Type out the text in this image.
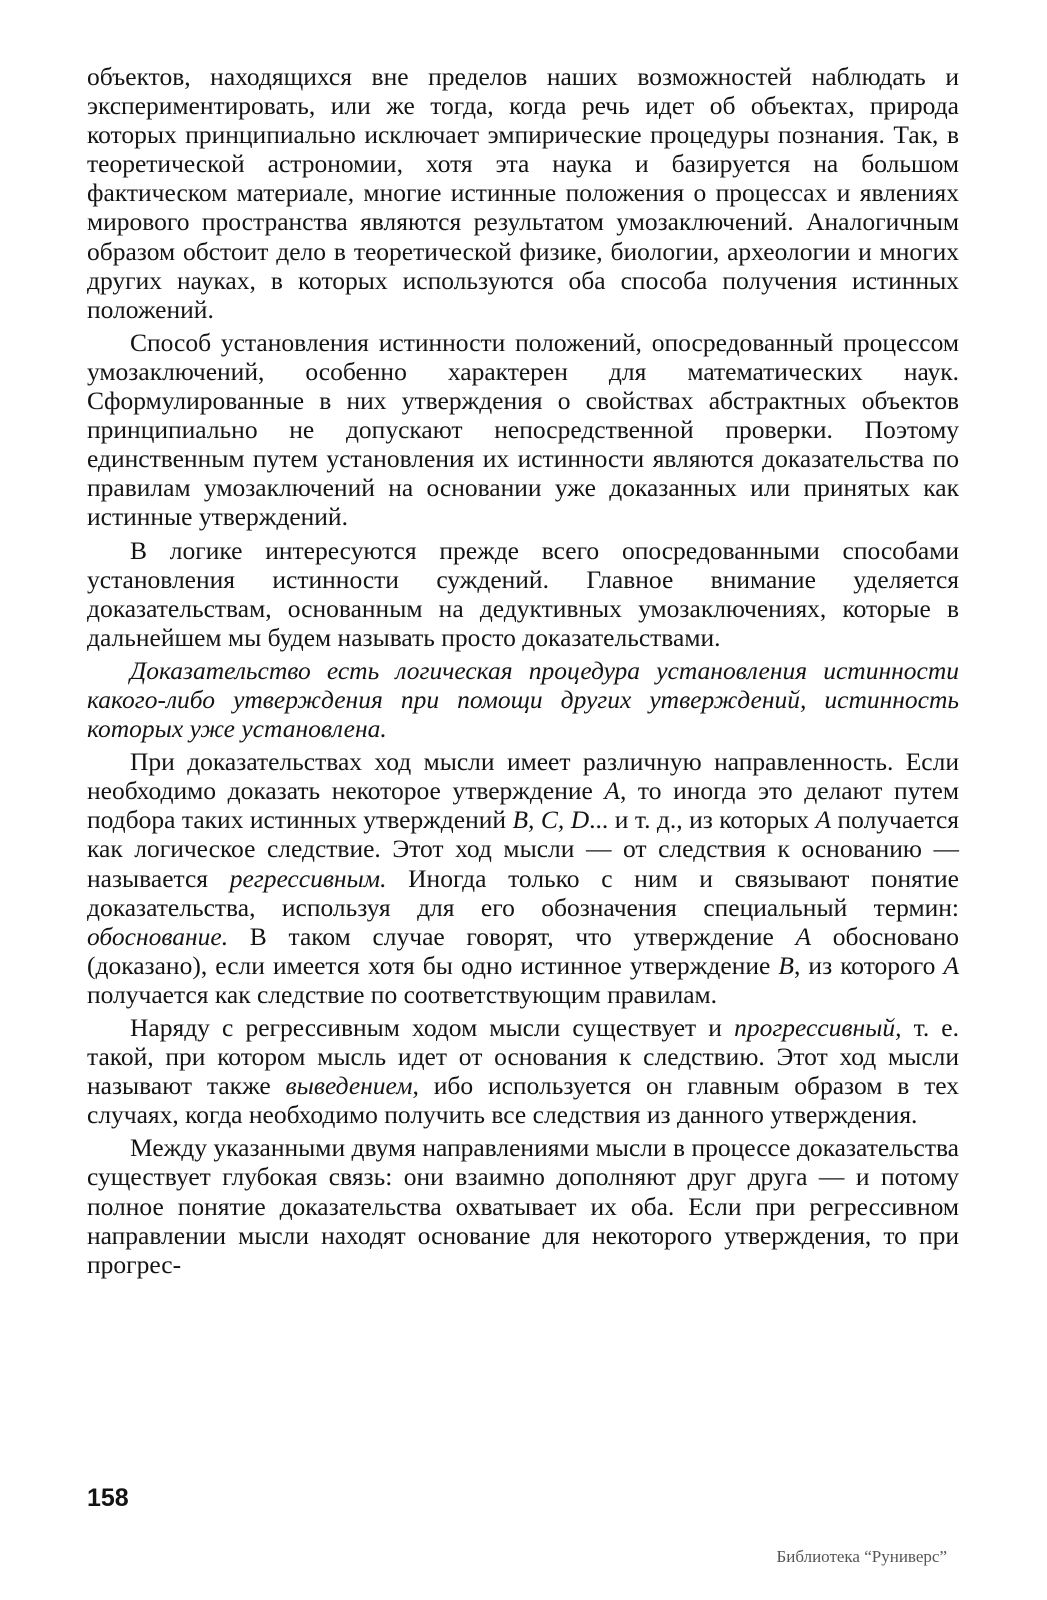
объектов, находящихся вне пределов наших возможностей наблюдать и экспериментировать, или же тогда, когда речь идет об объектах, природа которых принципиально исключает эмпирические процедуры познания. Так, в теоретической астрономии, хотя эта наука и базируется на большом фактическом материале, многие истинные положения о процессах и явлениях мирового пространства являются результатом умозаключений. Аналогичным образом обстоит дело в теоретической физике, биологии, археологии и многих других науках, в которых используются оба способа получения истинных положений.

Способ установления истинности положений, опосредованный процессом умозаключений, особенно характерен для математических наук. Сформулированные в них утверждения о свойствах абстрактных объектов принципиально не допускают непосредственной проверки. Поэтому единственным путем установления их истинности являются доказательства по правилам умозаключений на основании уже доказанных или принятых как истинные утверждений.

В логике интересуются прежде всего опосредованными способами установления истинности суждений. Главное внимание уделяется доказательствам, основанным на дедуктивных умозаключениях, которые в дальнейшем мы будем называть просто доказательствами.

Доказательство есть логическая процедура установления истинности какого-либо утверждения при помощи других утверждений, истинность которых уже установлена.

При доказательствах ход мысли имеет различную направленность. Если необходимо доказать некоторое утверждение А, то иногда это делают путем подбора таких истинных утверждений В, С, D... и т. д., из которых А получается как логическое следствие. Этот ход мысли — от следствия к основанию — называется регрессивным. Иногда только с ним и связывают понятие доказательства, используя для его обозначения специальный термин: обоснование. В таком случае говорят, что утверждение А обосновано (доказано), если имеется хотя бы одно истинное утверждение В, из которого А получается как следствие по соответствующим правилам.

Наряду с регрессивным ходом мысли существует и прогрессивный, т. е. такой, при котором мысль идет от основания к следствию. Этот ход мысли называют также выведением, ибо используется он главным образом в тех случаях, когда необходимо получить все следствия из данного утверждения.

Между указанными двумя направлениями мысли в процессе доказательства существует глубокая связь: они взаимно дополняют друг друга — и потому полное понятие доказательства охватывает их оба. Если при регрессивном направлении мысли находят основание для некоторого утверждения, то при прогрес-

158
Библиотека “Руниверс”
